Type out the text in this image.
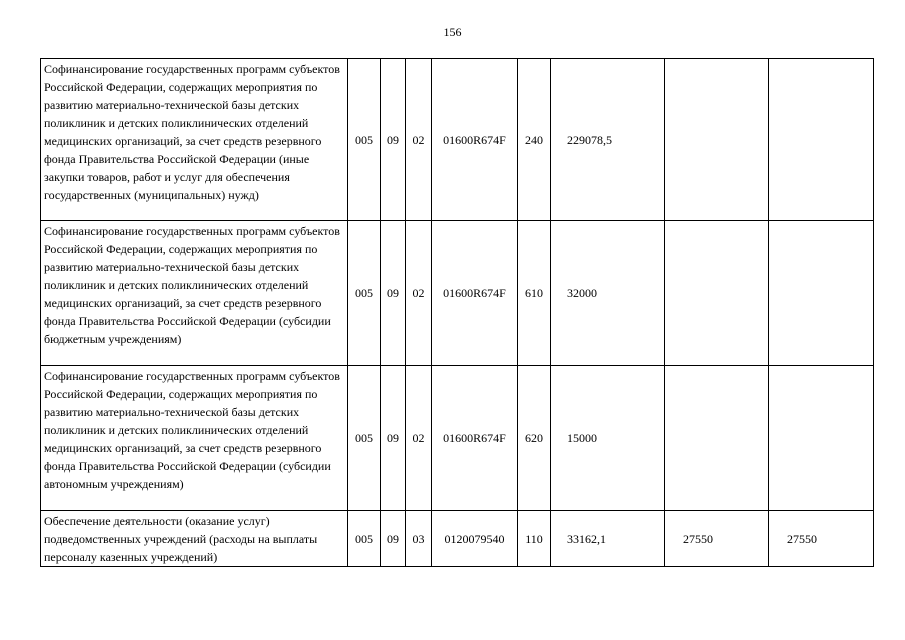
156
Софинансирование государственных программ субъектов Российской Федерации, содержащих мероприятия по развитию материально-технической базы детских поликлиник и детских поликлинических отделений медицинских организаций, за счет средств резервного фонда Правительства Российской Федерации (иные закупки товаров, работ и услуг для обеспечения государственных (муниципальных) нужд)	005	09	02	01600R674F	240	229078,5		
Софинансирование государственных программ субъектов Российской Федерации, содержащих мероприятия по развитию материально-технической базы детских поликлиник и детских поликлинических отделений медицинских организаций, за счет средств резервного фонда Правительства Российской Федерации (субсидии бюджетным учреждениям)	005	09	02	01600R674F	610	32000		
Софинансирование государственных программ субъектов Российской Федерации, содержащих мероприятия по развитию материально-технической базы детских поликлиник и детских поликлинических отделений медицинских организаций, за счет средств резервного фонда Правительства Российской Федерации (субсидии автономным учреждениям)	005	09	02	01600R674F	620	15000		
Обеспечение деятельности (оказание услуг) подведомственных учреждений (расходы на выплаты персоналу казенных учреждений)	005	09	03	0120079540	110	33162,1	27550	27550
